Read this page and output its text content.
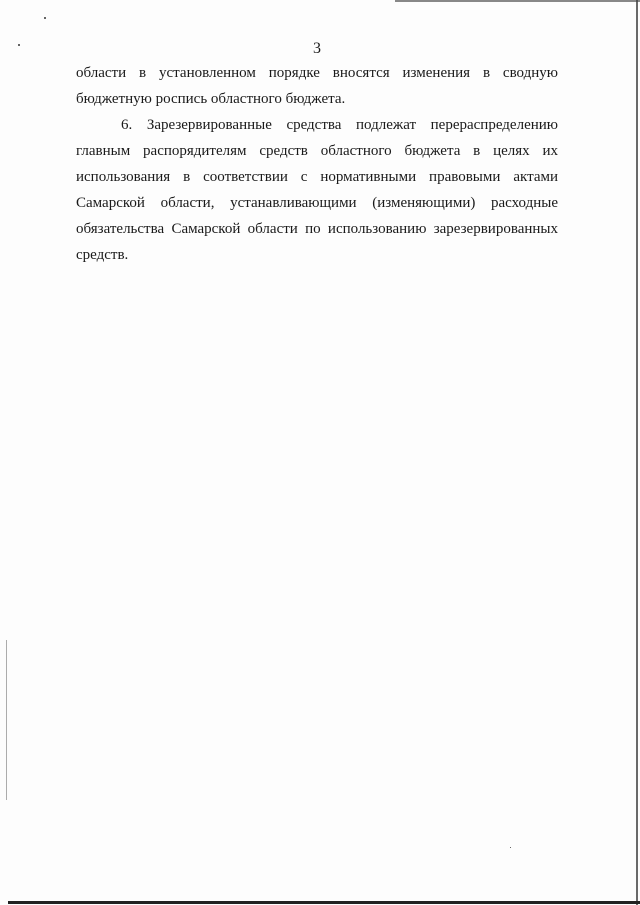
3
области в установленном порядке вносятся изменения в сводную
бюджетную роспись областного бюджета.
6. Зарезервированные средства подлежат перераспределению
главным распорядителям средств областного бюджета в целях их
использования в соответствии с нормативными правовыми актами
Самарской области, устанавливающими (изменяющими) расходные
обязательства Самарской области по использованию зарезервированных
средств.
